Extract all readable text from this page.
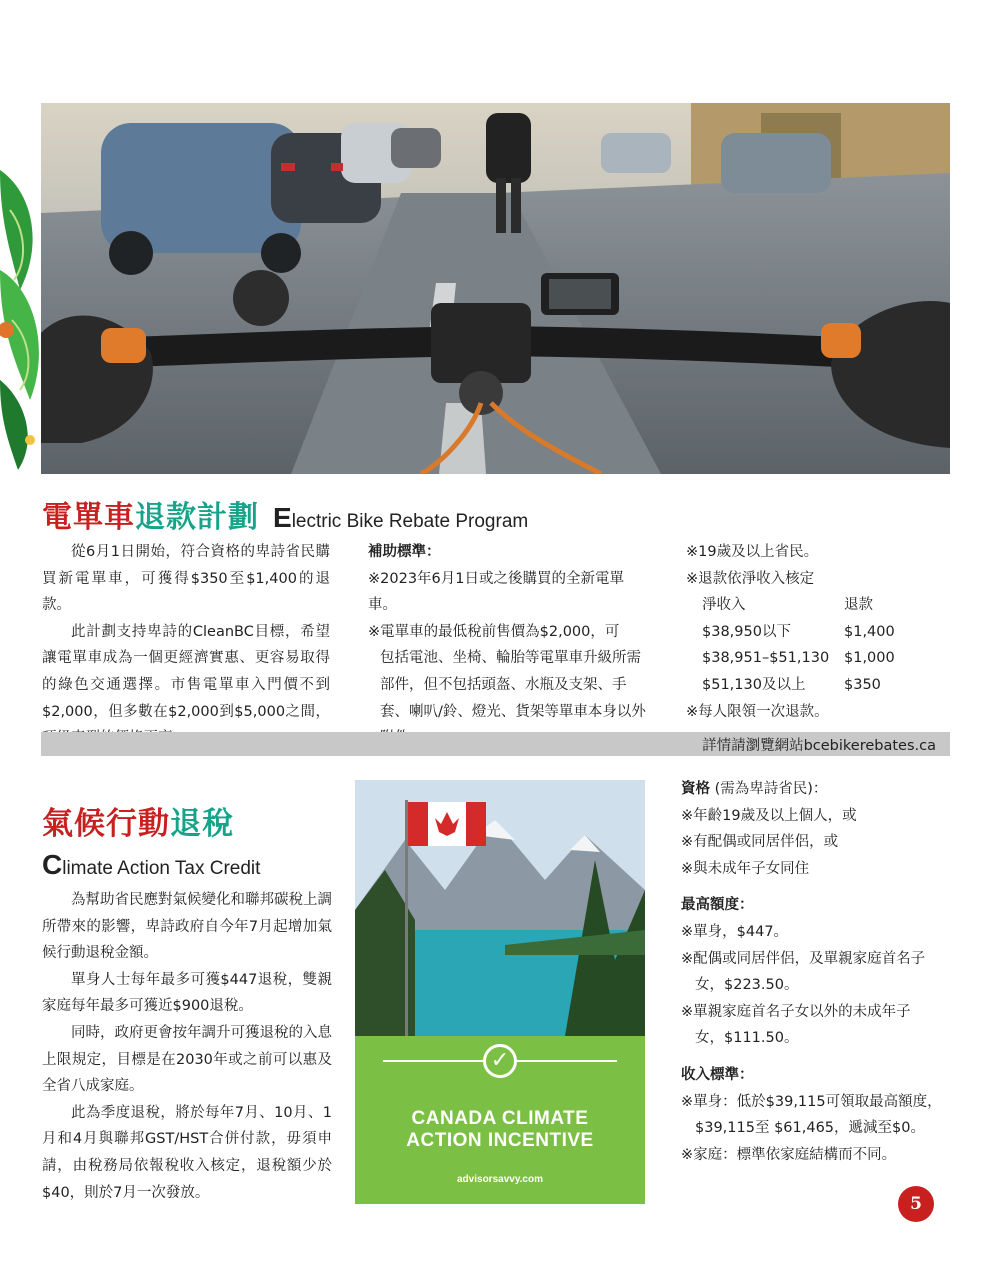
電單車 退款計劃 Electric Bike Rebate Program

從6月1日開始，符合資格的卑詩省民購買新電單車，可獲得$350至$1,400的退款。

此計劃支持卑詩的CleanBC目標，希望讓電單車成為一個更經濟實惠、更容易取得的綠色交通選擇。市售電單車入門價不到$2,000，但多數在$2,000到$5,000之間，

補助標準：
※2023年6月1日或之後購買的全新電單車。
※電單車的最低稅前售價為$2,000，可
包括電池、坐椅、輪胎等電單車升級所需部件，但不包括頭盔、水瓶及支架、手套、喇叭/鈴、燈光、貨架等單車本身以外
※19歲及以上省民。
※退款依淨收入核定
淨收入	退款
$38,950以下	$1,400
$38,951–$51,130	$1,000
$51,130及以上	$350
※每人限領一次退款。
詳情請瀏覽網站bcebikerebates.ca
氣候行動退稅
Climate Action Tax Credit

為幫助省民應對氣候變化和聯邦碳稅上調所帶來的影響，卑詩政府自今年7月起增加氣候行動退稅金額。

單身人士每年最多可獲$447退稅，雙親家庭每年最多可獲近$900退稅。

同時，政府更會按年調升可獲退稅的入息上限規定，目標是在2030年或之前可以惠及全省八成家庭。

此為季度退稅，將於每年7月、10月、1月和4月與聯邦GST/HST合併付款，毋須申請，由稅務局依報稅收入核定，退稅額少於$40，則於7月一次發放。

✓
CANADA CLIMATE
ACTION INCENTIVE
advisorsavvy.com
資格 (需為卑詩省民)：
※年齡19歲及以上個人，或
※有配偶或同居伴侶，或
※與未成年子女同住
最高額度：
※單身，$447。
※配偶或同居伴侶，及單親家庭首名子
女，$223.50。
※單親家庭首名子女以外的未成年子
女，$111.50。
收入標準：
※單身：低於$39,115可領取最高額度，
$39,115至 $61,465，遞減至$0。
※家庭：標準依家庭結構而不同。
5
